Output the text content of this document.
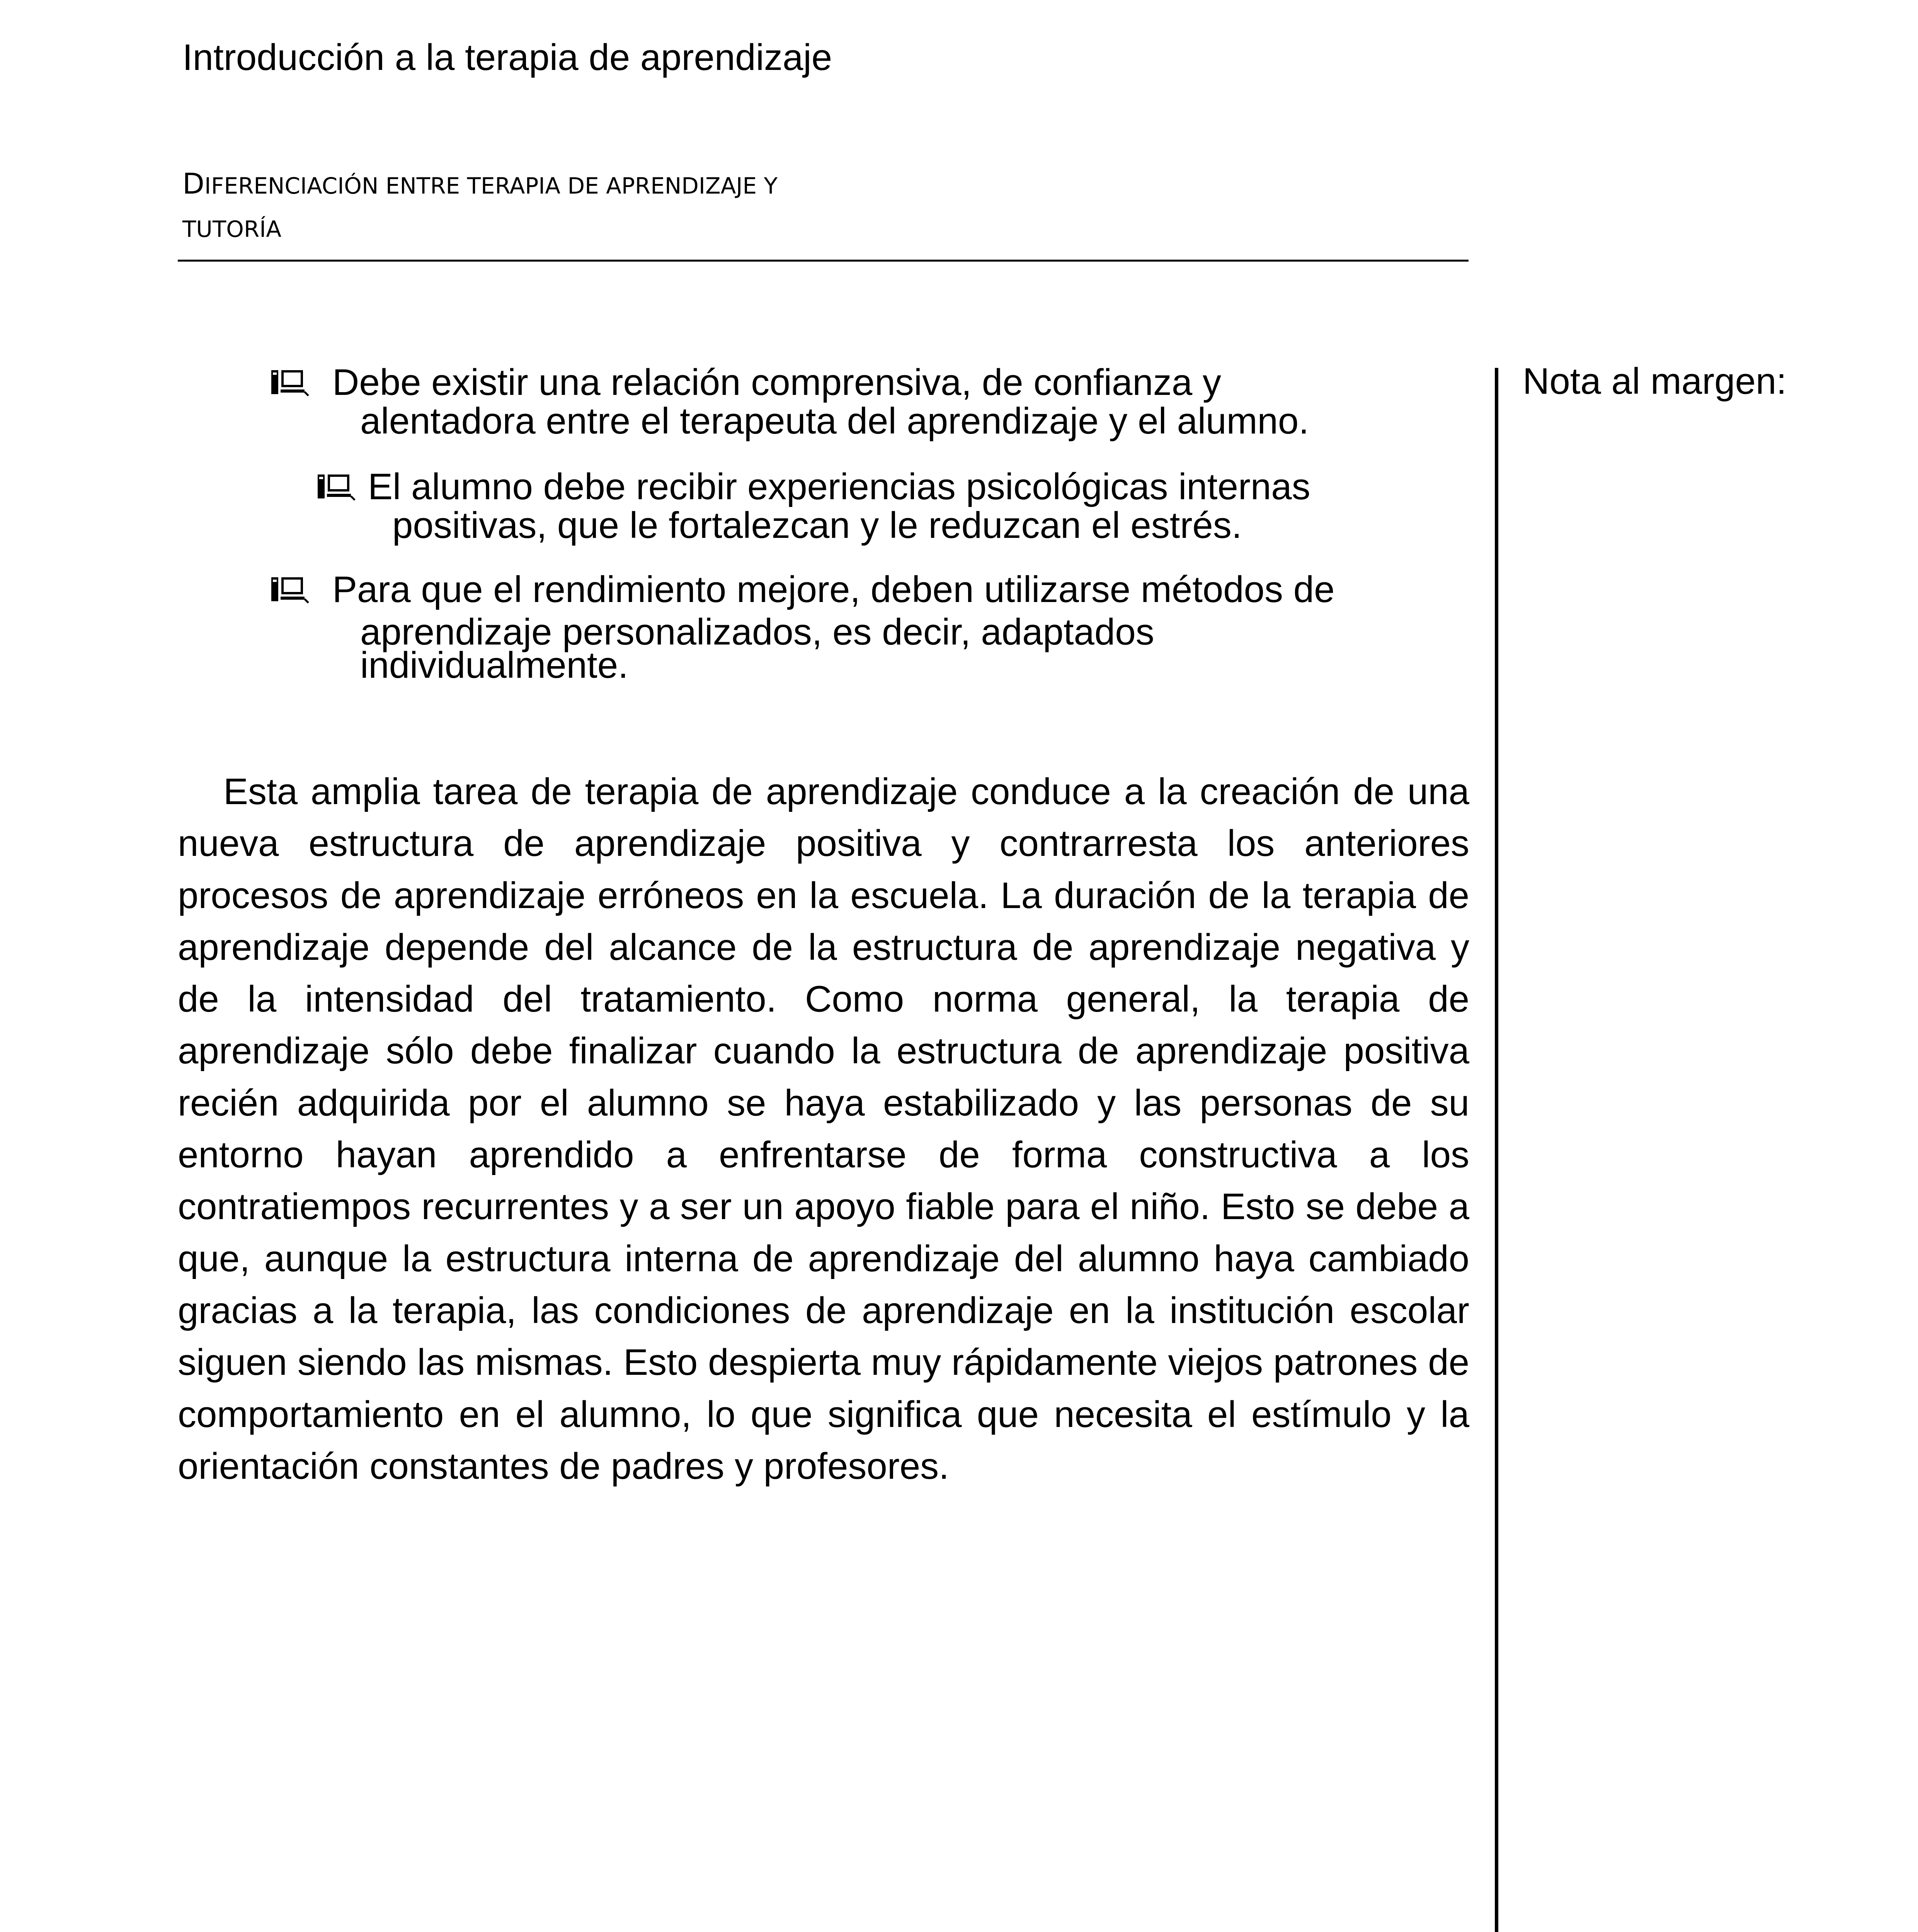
Introducción a la terapia de aprendizaje
DIFERENCIACIÓN ENTRE TERAPIA DE APRENDIZAJE Y
TUTORÍA
Nota al margen:
Debe existir una relación comprensiva, de confianza y
alentadora entre el terapeuta del aprendizaje y el alumno.
El alumno debe recibir experiencias psicológicas internas
positivas, que le fortalezcan y le reduzcan el estrés.
Para que el rendimiento mejore, deben utilizarse métodos de
aprendizaje personalizados, es decir, adaptados
individualmente.
Esta amplia tarea de terapia de aprendizaje conduce a la creación de una nueva estructura de aprendizaje positiva y contrarresta los anteriores procesos de aprendizaje erróneos en la escuela. La duración de la terapia de aprendizaje depende del alcance de la estructura de aprendizaje negativa y de la intensidad del tratamiento. Como norma general, la terapia de aprendizaje sólo debe finalizar cuando la estructura de aprendizaje positiva recién adquirida por el alumno se haya estabilizado y las personas de su entorno hayan aprendido a enfrentarse de forma constructiva a los contratiempos recurrentes y a ser un apoyo fiable para el niño. Esto se debe a que, aunque la estructura interna de aprendizaje del alumno haya cambiado gracias a la terapia, las condiciones de aprendizaje en la institución escolar siguen siendo las mismas. Esto despierta muy rápidamente viejos patrones de comportamiento en el alumno, lo que significa que necesita el estímulo y la orientación constantes de padres y profesores.
